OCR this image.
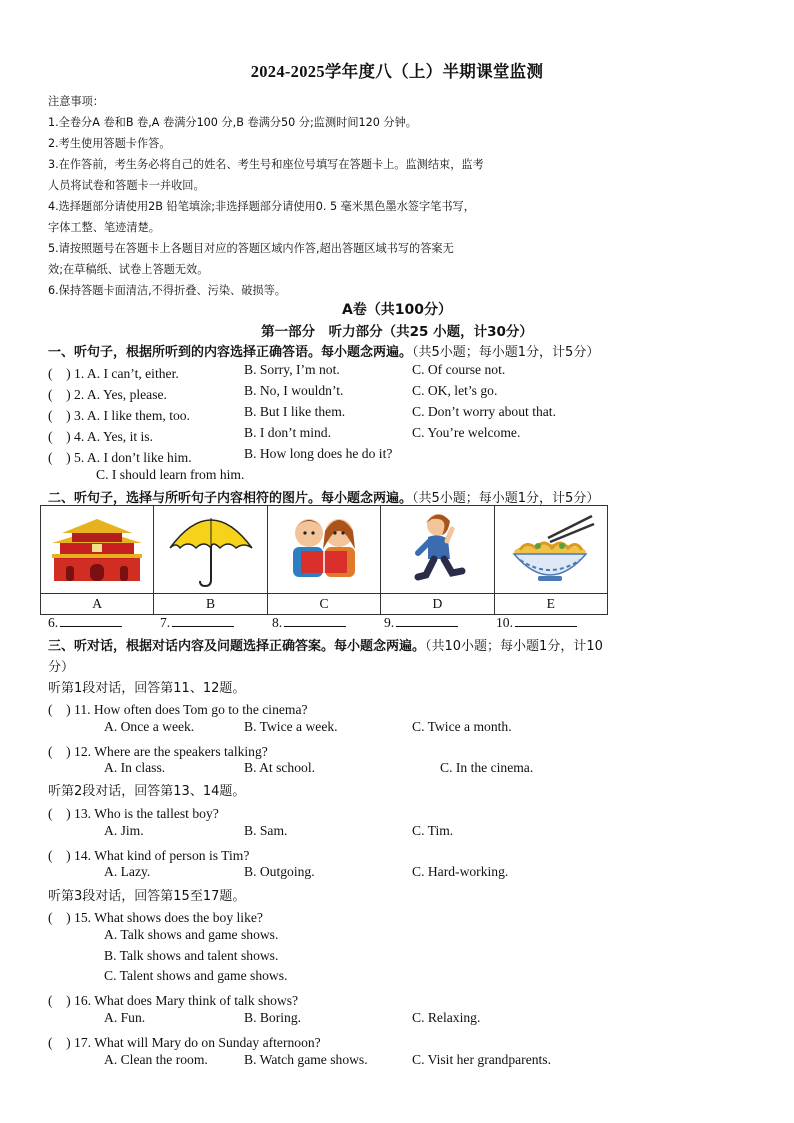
2024-2025学年度八（上）半期课堂监测
注意事项：
1.全卷分A 卷和B 卷,A 卷满分100 分,B 卷满分50 分;监测时间120 分钟。
2.考生使用答题卡作答。
3.在作答前，考生务必将自己的姓名、考生号和座位号填写在答题卡上。监测结束，监考
人员将试卷和答题卡一并收回。
4.选择题部分请使用2B 铅笔填涂;非选择题部分请使用0. 5 毫米黑色墨水签字笔书写，
字体工整、笔迹清楚。
5.请按照题号在答题卡上各题目对应的答题区域内作答,超出答题区域书写的答案无
效;在草稿纸、试卷上答题无效。
6.保持答题卡面清洁,不得折叠、污染、破损等。
A卷（共100分）
第一部分　听力部分（共25 小题，计30分）
一、听句子，根据所听到的内容选择正确答语。每小题念两遍。（共5小题；每小题1分，计5分）
(　) 1. A. I can’t, either.	B. Sorry, I’m not.	C. Of course not.
(　) 2. A. Yes, please.	B. No, I wouldn’t.	C. OK, let’s go.
(　) 3. A. I like them, too.	B. But I like them.	C. Don’t worry about that.
(　) 4. A. Yes, it is.	B. I don’t mind.	C. You’re welcome.
(　) 5. A. I don’t like him.	B. How long does he do it?
C. I should learn from him.
二、听句子，选择与所听句子内容相符的图片。每小题念两遍。（共5小题；每小题1分，计5分）

A	B	C	D	E
6.	7.	8.	9.	10.
三、听对话，根据对话内容及问题选择正确答案。每小题念两遍。（共10小题；每小题1分，计10
分）
听第1段对话，回答第11、12题。
(　) 11. How often does Tom go to the cinema?
A. Once a week.	B. Twice a week.	C. Twice a month.
(　) 12. Where are the speakers talking?
A. In class.	B. At school.	C. In the cinema.
听第2段对话，回答第13、14题。
(　) 13. Who is the tallest boy?
A. Jim.	B. Sam.	C. Tim.
(　) 14. What kind of person is Tim?
A. Lazy.	B. Outgoing.	C. Hard-working.
听第3段对话，回答第15至17题。
(　) 15. What shows does the boy like?
A. Talk shows and game shows.
B. Talk shows and talent shows.
C. Talent shows and game shows.
(　) 16. What does Mary think of talk shows?
A. Fun.	B. Boring.	C. Relaxing.
(　) 17. What will Mary do on Sunday afternoon?
A. Clean the room.	B. Watch game shows.	C. Visit her grandparents.
